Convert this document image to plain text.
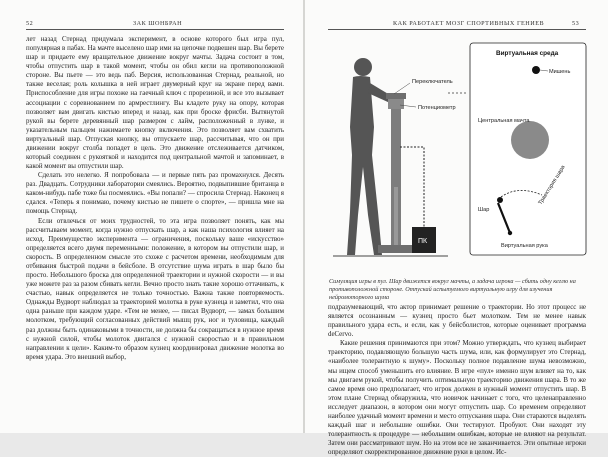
52	ЗАК ШОНБРАН

лет назад Стернад придумала эксперимент, в основе которого был игра пул, популярная в пабах. На мачте выселено шар ими на цепочке подвешен шар. Вы берете шар и придаете ему вращательное движение вокруг мачты. Задача состоит в том, чтобы отпустить шар в такой момент, чтобы он обил кегли на противоположной стороне. Вы пьете — это ведь паб. Версия, использованная Стернад, реальной, но также веселая; роль колышка в ней играет двумерный круг на экране перед вами. Приспособление для игры похоже на гаечный ключ с прорезиной, и все это вызывает ассоциации с соревнованием по армрестлингу. Вы кладете руку на опору, которая позволяет вам двигать кистью вперед и назад, как при броске фрисби. Вытянутой рукой вы берете деревянный шар размером с лайм, расположенный в лунке, и указательным пальцем нажимаете кнопку включения. Это позволяет вам схватить виртуальный шар. Отпуская кнопку, вы отпускаете шар, рассчитывая, что он при движении вокруг столба попадет в цель. Это движение отслеживается датчиком, который соединен с рукояткой и находится под центральной мачтой и запоминает, в какой момент вы отпустили шар.

Сделать это нелегко. Я попробовала — и первые пять раз промахнулся. Десять раз. Двадцать. Сотрудники лаборатории смеялись. Вероятно, подвыпившие британца в каком-нибудь пабе тоже бы посмеялись. «Вы попали? — спросила Стернад. Наконец я сдался. «Теперь я понимаю, почему кистью не пишете о спорте», — пришла мне на помощь Стернад.

Если отвлечься от моих трудностей, то эта игра позволяет понять, как мы рассчитываем момент, когда нужно отпускать шар, а как наша психология влияет на исход. Преимущество эксперимента — ограничения, поскольку ваше «искусство» определяется всего двумя переменными: положение, в котором вы отпустили шар, и скорость. В определенном смысле это схоже с расчетом времени, необходимым для отбивания быстрой подачи в бейсболе. В отсутствие шума играть в шар было бы просто. Небольшого броска для определенной траектории и нужной скорости — и вы уже можете раз за разом сбивать кегли. Вечно просто знать такие хорошо оттачивать, к счастью, навык определяется не только точностью. Важна также повторяемость. Однажды Вудворт наблюдал за траекторией молотка в руке кузнеца и заметил, что она одна раньше при каждом ударе. «Тем не менее, — писал Вудворт, — замах большим молотком, требующий согласованных действий мышц рук, ног и туловища, каждый раз должны быть одинаковыми в точности, не должна бы сокращаться в нужное время с нужной силой, чтобы молоток двигался с нужной скоростью и в правильном направлении к цели». Каким-то образом кузнец координировал движение молотка во время удара. Это внешний выбор,

КАК РАБОТАЕТ МОЗГ СПОРТИВНЫХ ГЕНИЕВ	53
ПК
Переключатель
Потенциометр
Виртуальная среда
Мишень
Центральная мачта
Траектория шара
Шар
Виртуальная рука
Симуляция игры в пул. Шар движется вокруг мачты, а задача игрока — сбить одну кеглю на противоположной стороне. Отпускай испытуемого виртуальную игру для изучения нейромоторного шума

подразумевающий, что актор принимает решение о траектории. Но этот процесс не является осознанным — кузнец просто бьет молотком. Тем не менее навык правильного удара есть, и если, как у бейсболистов, которые оценивает программа deCervo.

Какие решения принимаются при этом? Можно утверждать, что кузнец выбирает траекторию, подавляющую большую часть шума, или, как формулирует это Стернад, «наиболее толерантную к шуму». Поскольку полное подавление шума невозможно, мы ищем способ уменьшить его влияние. В игре «пул» именно шум влияет на то, как мы двигаем рукой, чтобы получить оптимальную траекторию движения шара. В то же самое время оно предполагает, что игрок должен в нужный момент отпустить шар. В этом плане Стернад обнаружила, что новичок начинает с того, что целенаправленно исследует диапазон, в котором они могут отпустить шар. Со временем определяют наиболее удачный момент времени и место отпускания шара. Они стараются выделять каждый шаг и небольшие ошибки. Они тестируют. Пробуют. Они находят эту толерантность к процедуре — небольшим ошибкам, которые не влияют на результат. Затем они рассматривают шум. Но на этом все не заканчивается. Эти опытные игроки определяют скорректированное движение руки в целом. Ис-
